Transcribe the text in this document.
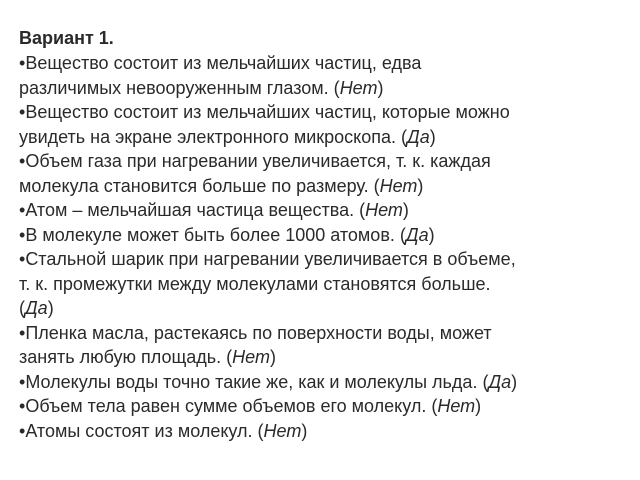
Вариант 1.
•Вещество состоит из мельчайших частиц, едва
различимых невооруженным глазом. (Нет)
•Вещество состоит из мельчайших частиц, которые можно
увидеть на экране электронного микроскопа. (Да)
•Объем газа при нагревании увеличивается, т. к. каждая
молекула становится больше по размеру. (Нет)
•Атом – мельчайшая частица вещества. (Нет)
•В молекуле может быть более 1000 атомов. (Да)
•Стальной шарик при нагревании увеличивается в объеме,
т. к. промежутки между молекулами становятся больше.
(Да)
•Пленка масла, растекаясь по поверхности воды, может
занять любую площадь. (Нет)
•Молекулы воды точно такие же, как и молекулы льда. (Да)
•Объем тела равен сумме объемов его молекул. (Нет)
•Атомы состоят из молекул. (Нет)
